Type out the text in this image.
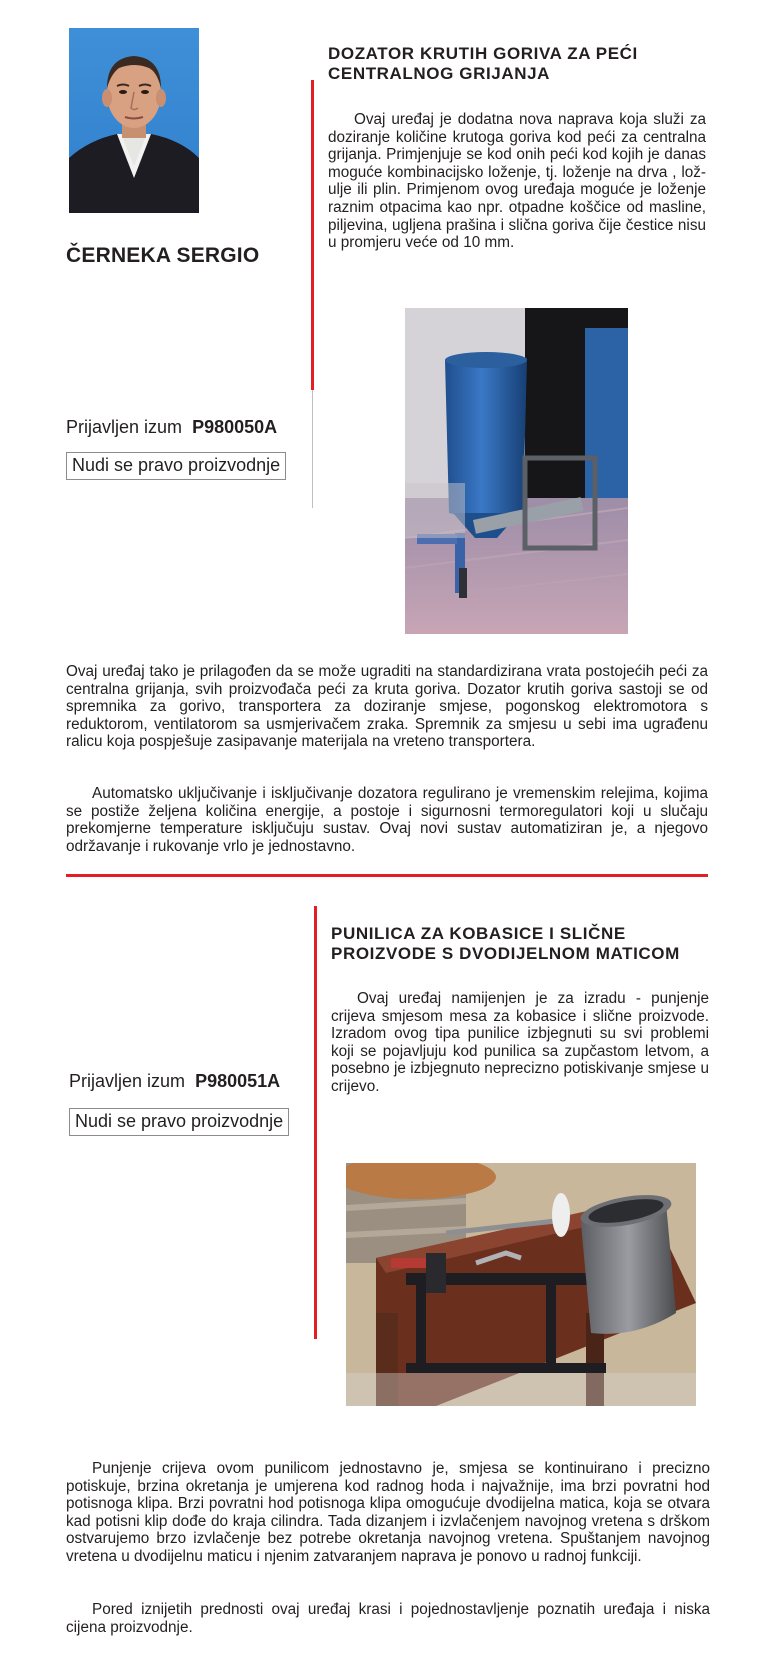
ČERNEKA SERGIO
DOZATOR KRUTIH GORIVA ZA PEĆI
CENTRALNOG GRIJANJA
Ovaj uređaj je dodatna nova naprava koja služi za doziranje količine krutoga goriva kod peći za centralna grijanja. Primjenjuje se kod onih peći kod kojih je danas moguće kombinacijsko loženje, tj. loženje na drva , lož-ulje ili plin. Primjenom ovog uređaja moguće je loženje raznim otpacima kao npr. otpadne koščice od masline, piljevina, ugljena prašina i slična goriva čije čestice nisu u promjeru veće od 10 mm.
Prijavljen izum P980050A
Nudi se pravo proizvodnje
Ovaj uređaj tako je prilagođen da se može ugraditi na standardizirana vrata postojećih peći za centralna grijanja, svih proizvođača peći za kruta goriva. Dozator krutih goriva sastoji se od spremnika za gorivo, transportera za doziranje smjese, pogonskog elektromotora s reduktorom, ventilatorom sa usmjerivačem zraka. Spremnik za smjesu u sebi ima ugrađenu ralicu koja pospješuje zasipavanje materijala na vreteno transportera.
Automatsko uključivanje i isključivanje dozatora regulirano je vremenskim relejima, kojima se postiže željena količina energije, a postoje i sigurnosni termoregulatori koji u slučaju prekomjerne temperature isključuju sustav. Ovaj novi sustav automatiziran je, a njegovo održavanje i rukovanje vrlo je jednostavno.
PUNILICA ZA KOBASICE I SLIČNE
PROIZVODE S DVODIJELNOM MATICOM
Ovaj uređaj namijenjen je za izradu - punjenje crijeva smjesom mesa za kobasice i slične proizvode. Izradom ovog tipa punilice izbjegnuti su svi problemi koji se pojavljuju kod punilica sa zupčastom letvom, a posebno je izbjegnuto neprecizno potiskivanje smjese u crijevo.
Prijavljen izum P980051A
Nudi se pravo proizvodnje
Punjenje crijeva ovom punilicom jednostavno je, smjesa se kontinuirano i precizno potiskuje, brzina okretanja je umjerena kod radnog hoda i najvažnije, ima brzi povratni hod potisnoga klipa. Brzi povratni hod potisnoga klipa omogućuje dvodijelna matica, koja se otvara kad potisni klip dođe do kraja cilindra. Tada dizanjem i izvlačenjem navojnog vretena s drškom ostvarujemo brzo izvlačenje bez potrebe okretanja navojnog vretena. Spuštanjem navojnog vretena u dvodijelnu maticu i njenim zatvaranjem naprava je ponovo u radnoj funkciji.
Pored iznijetih prednosti ovaj uređaj krasi i pojednostavljenje poznatih uređaja i niska cijena proizvodnje.
